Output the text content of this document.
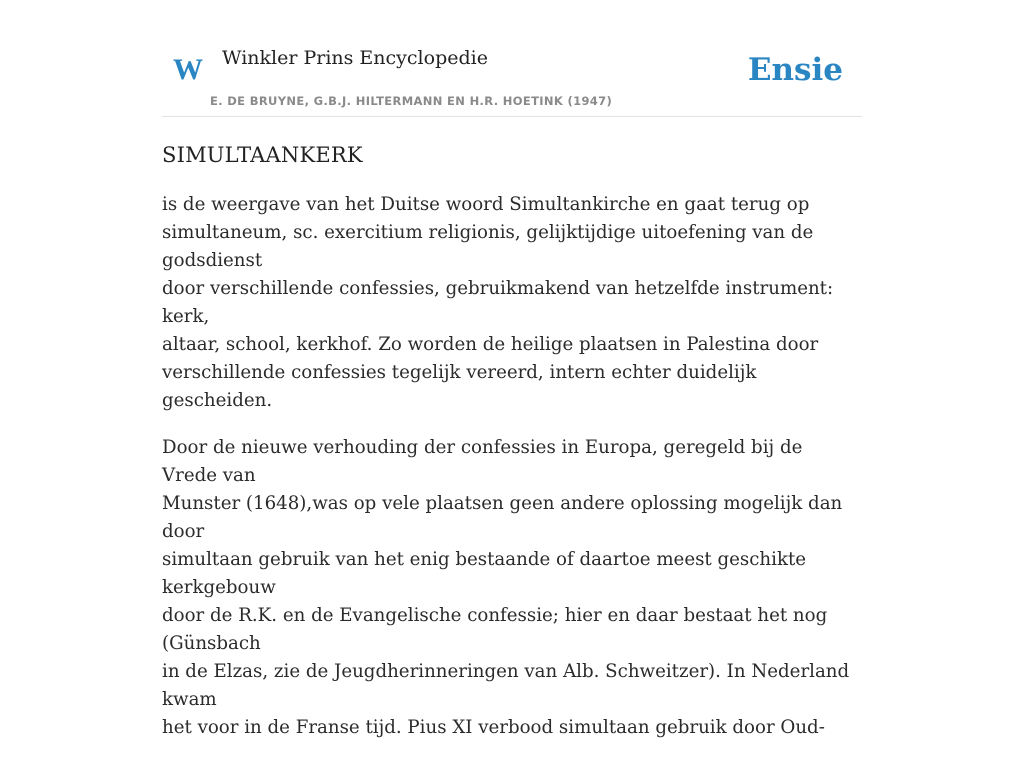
W Winkler Prins Encyclopedie
E. DE BRUYNE, G.B.J. HILTERMANN EN H.R. HOETINK (1947)
Ensie
SIMULTAANKERK

is de weergave van het Duitse woord Simultankirche en gaat terug op
simultaneum, sc. exercitium religionis, gelijktijdige uitoefening van de godsdienst
door verschillende confessies, gebruikmakend van hetzelfde instrument: kerk,
altaar, school, kerkhof. Zo worden de heilige plaatsen in Palestina door
verschillende confessies tegelijk vereerd, intern echter duidelijk gescheiden.

Door de nieuwe verhouding der confessies in Europa, geregeld bij de Vrede van
Munster (1648),was op vele plaatsen geen andere oplossing mogelijk dan door
simultaan gebruik van het enig bestaande of daartoe meest geschikte kerkgebouw
door de R.K. en de Evangelische confessie; hier en daar bestaat het nog (Günsbach
in de Elzas, zie de Jeugdherinneringen van Alb. Schweitzer). In Nederland kwam
het voor in de Franse tijd. Pius XI verbood simultaan gebruik door Oud-
